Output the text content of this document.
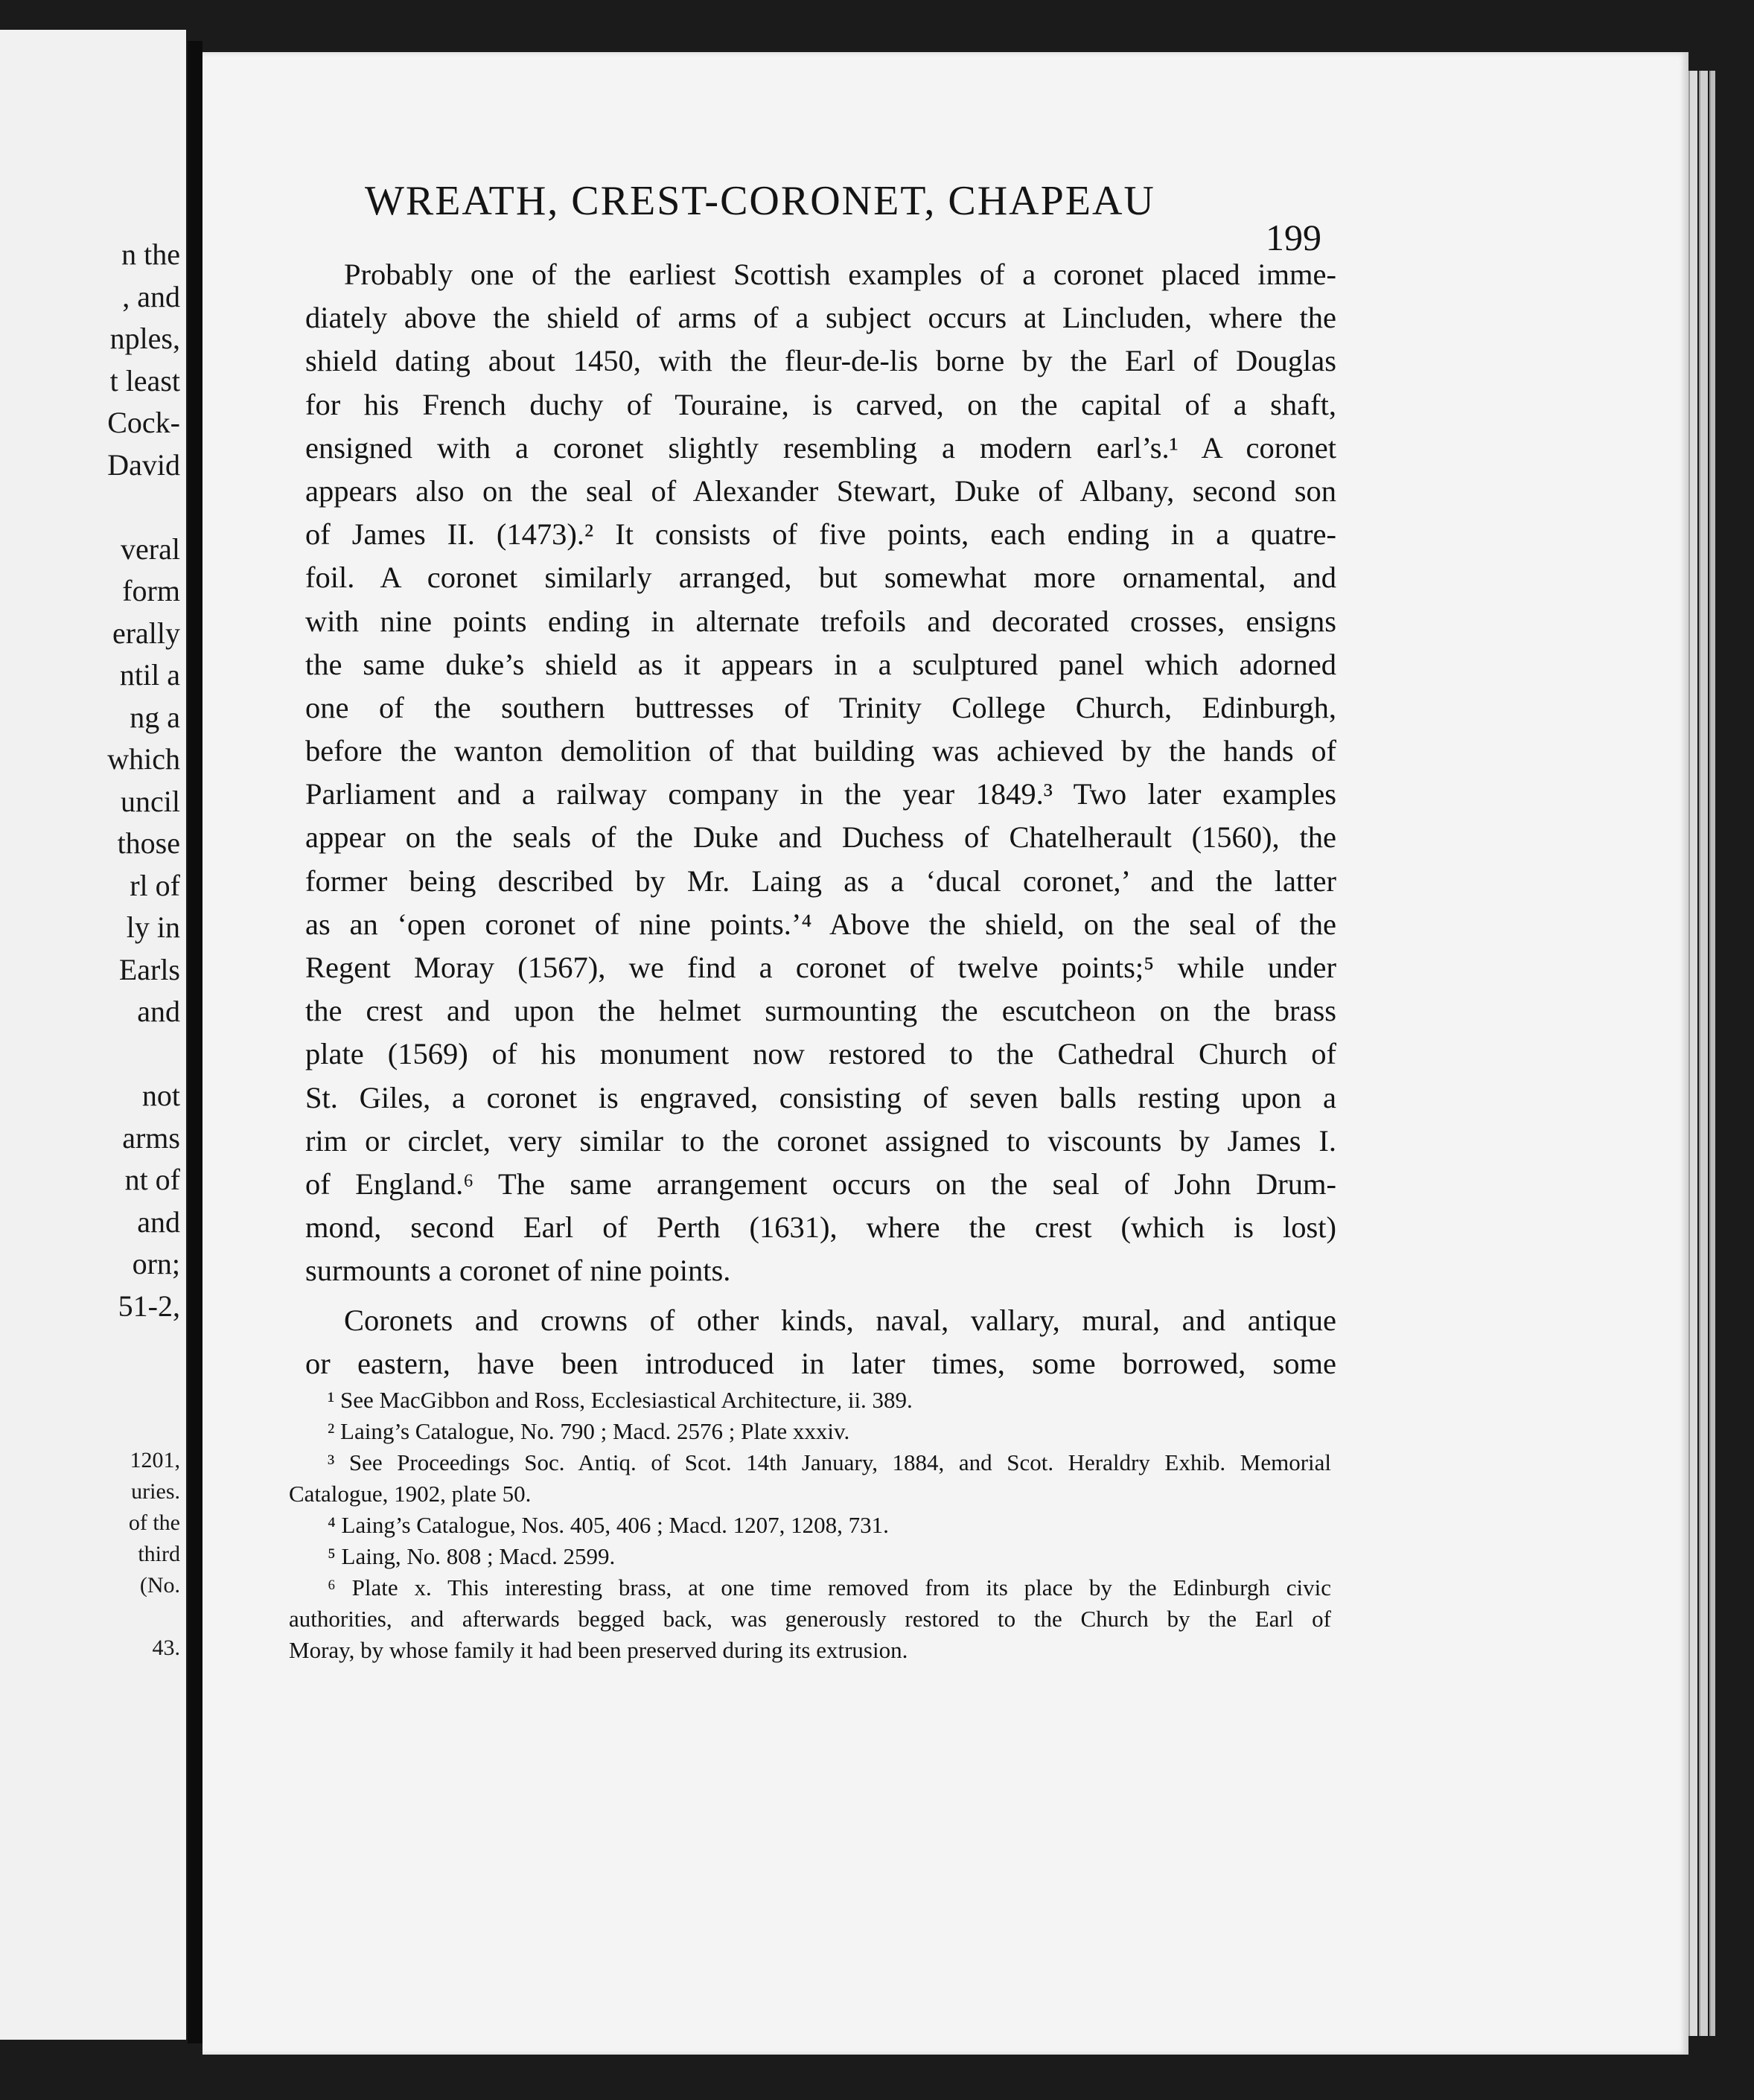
n the
, and
nples,
t least
Cock-
David
veral
form
erally
ntil a
ng a
which
uncil
those
rl of
ly in
Earls
and
not
arms
nt of
and
orn;
51-2,
1201,
uries.
of the
third
(No.
43.
WREATH, CREST-CORONET, CHAPEAU
199
Probably one of the earliest Scottish examples of a coronet placed imme-
diately above the shield of arms of a subject occurs at Lincluden, where the
shield dating about 1450, with the fleur-de-lis borne by the Earl of Douglas
for his French duchy of Touraine, is carved, on the capital of a shaft,
ensigned with a coronet slightly resembling a modern earl’s.¹ A coronet
appears also on the seal of Alexander Stewart, Duke of Albany, second son
of James II. (1473).² It consists of five points, each ending in a quatre-
foil. A coronet similarly arranged, but somewhat more ornamental, and
with nine points ending in alternate trefoils and decorated crosses, ensigns
the same duke’s shield as it appears in a sculptured panel which adorned
one of the southern buttresses of Trinity College Church, Edinburgh,
before the wanton demolition of that building was achieved by the hands of
Parliament and a railway company in the year 1849.³ Two later examples
appear on the seals of the Duke and Duchess of Chatelherault (1560), the
former being described by Mr. Laing as a ‘ducal coronet,’ and the latter
as an ‘open coronet of nine points.’⁴ Above the shield, on the seal of the
Regent Moray (1567), we find a coronet of twelve points;⁵ while under
the crest and upon the helmet surmounting the escutcheon on the brass
plate (1569) of his monument now restored to the Cathedral Church of
St. Giles, a coronet is engraved, consisting of seven balls resting upon a
rim or circlet, very similar to the coronet assigned to viscounts by James I.
of England.⁶ The same arrangement occurs on the seal of John Drum-
mond, second Earl of Perth (1631), where the crest (which is lost)
surmounts a coronet of nine points.
Coronets and crowns of other kinds, naval, vallary, mural, and antique
or eastern, have been introduced in later times, some borrowed, some
¹ See MacGibbon and Ross, Ecclesiastical Architecture, ii. 389.
² Laing’s Catalogue, No. 790 ; Macd. 2576 ; Plate xxxiv.
³ See Proceedings Soc. Antiq. of Scot. 14th January, 1884, and Scot. Heraldry Exhib. Memorial
Catalogue, 1902, plate 50.
⁴ Laing’s Catalogue, Nos. 405, 406 ; Macd. 1207, 1208, 731.
⁵ Laing, No. 808 ; Macd. 2599.
⁶ Plate x. This interesting brass, at one time removed from its place by the Edinburgh civic
authorities, and afterwards begged back, was generously restored to the Church by the Earl of
Moray, by whose family it had been preserved during its extrusion.
